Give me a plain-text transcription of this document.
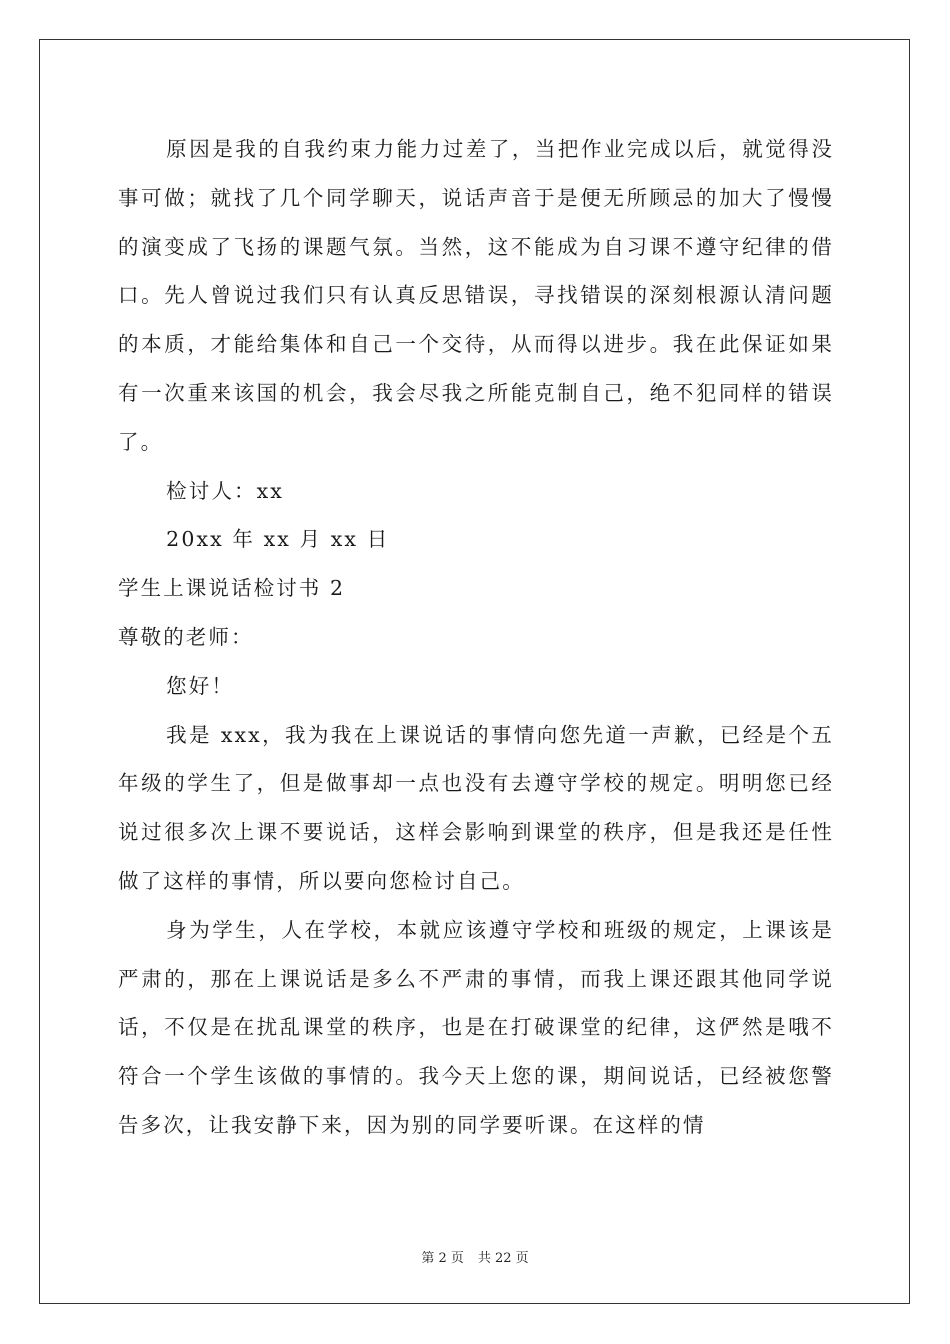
原因是我的自我约束力能力过差了，当把作业完成以后，就觉得没事可做；就找了几个同学聊天，说话声音于是便无所顾忌的加大了慢慢的演变成了飞扬的课题气氛。当然，这不能成为自习课不遵守纪律的借口。先人曾说过我们只有认真反思错误，寻找错误的深刻根源认清问题的本质，才能给集体和自己一个交待，从而得以进步。我在此保证如果有一次重来该国的机会，我会尽我之所能克制自己，绝不犯同样的错误了。

检讨人：xx

20xx 年 xx 月 xx 日

学生上课说话检讨书 2

尊敬的老师：

您好！

我是 xxx，我为我在上课说话的事情向您先道一声歉，已经是个五年级的学生了，但是做事却一点也没有去遵守学校的规定。明明您已经说过很多次上课不要说话，这样会影响到课堂的秩序，但是我还是任性做了这样的事情，所以要向您检讨自己。

身为学生，人在学校，本就应该遵守学校和班级的规定，上课该是严肃的，那在上课说话是多么不严肃的事情，而我上课还跟其他同学说话，不仅是在扰乱课堂的秩序，也是在打破课堂的纪律，这俨然是哦不符合一个学生该做的事情的。我今天上您的课，期间说话，已经被您警告多次，让我安静下来，因为别的同学要听课。在这样的情

第 2 页 共 22 页
